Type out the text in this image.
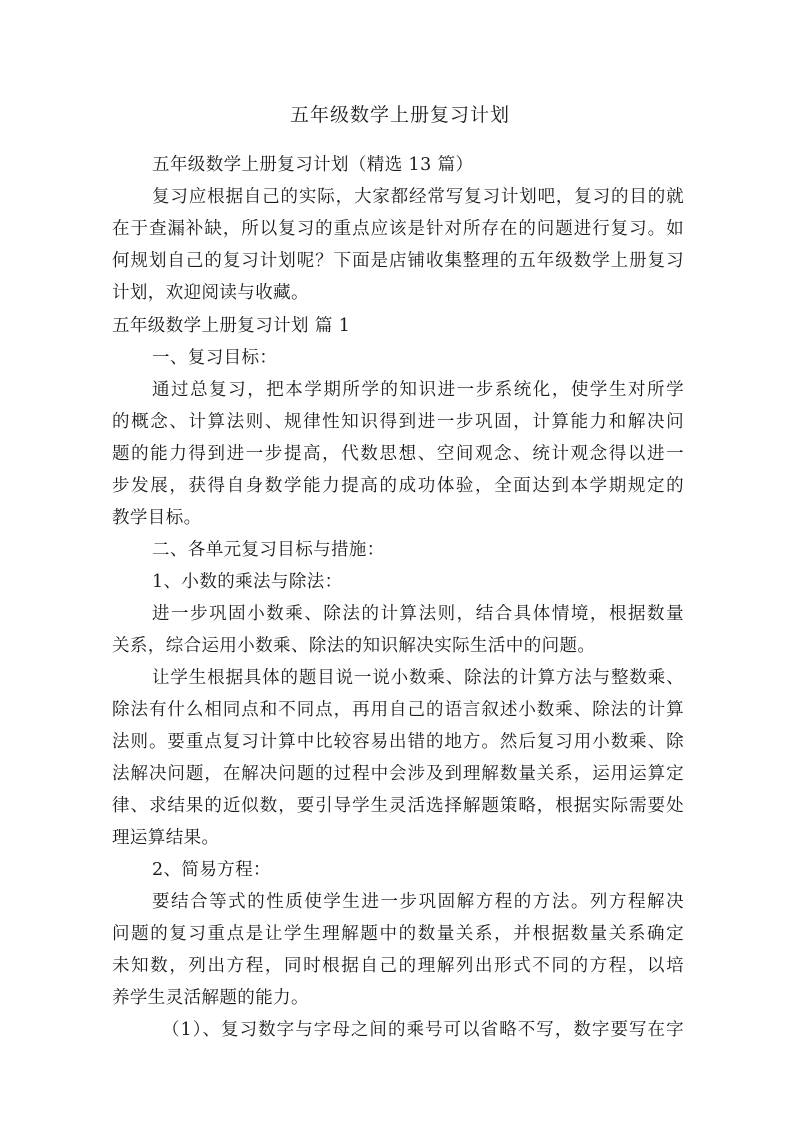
五年级数学上册复习计划
五年级数学上册复习计划（精选 13 篇）
复习应根据自己的实际，大家都经常写复习计划吧，复习的目的就
在于查漏补缺，所以复习的重点应该是针对所存在的问题进行复习。如
何规划自己的复习计划呢？下面是店铺收集整理的五年级数学上册复习
计划，欢迎阅读与收藏。
五年级数学上册复习计划 篇 1
一、复习目标：
通过总复习，把本学期所学的知识进一步系统化，使学生对所学
的概念、计算法则、规律性知识得到进一步巩固，计算能力和解决问
题的能力得到进一步提高，代数思想、空间观念、统计观念得以进一
步发展，获得自身数学能力提高的成功体验，全面达到本学期规定的
教学目标。
二、各单元复习目标与措施：
1、小数的乘法与除法：
进一步巩固小数乘、除法的计算法则，结合具体情境，根据数量
关系，综合运用小数乘、除法的知识解决实际生活中的问题。
让学生根据具体的题目说一说小数乘、除法的计算方法与整数乘、
除法有什么相同点和不同点，再用自己的语言叙述小数乘、除法的计算
法则。要重点复习计算中比较容易出错的地方。然后复习用小数乘、除
法解决问题，在解决问题的过程中会涉及到理解数量关系，运用运算定
律、求结果的近似数，要引导学生灵活选择解题策略，根据实际需要处
理运算结果。
2、简易方程：
要结合等式的性质使学生进一步巩固解方程的方法。列方程解决
问题的复习重点是让学生理解题中的数量关系，并根据数量关系确定
未知数，列出方程，同时根据自己的理解列出形式不同的方程，以培
养学生灵活解题的能力。
（1）、复习数字与字母之间的乘号可以省略不写，数字要写在字
